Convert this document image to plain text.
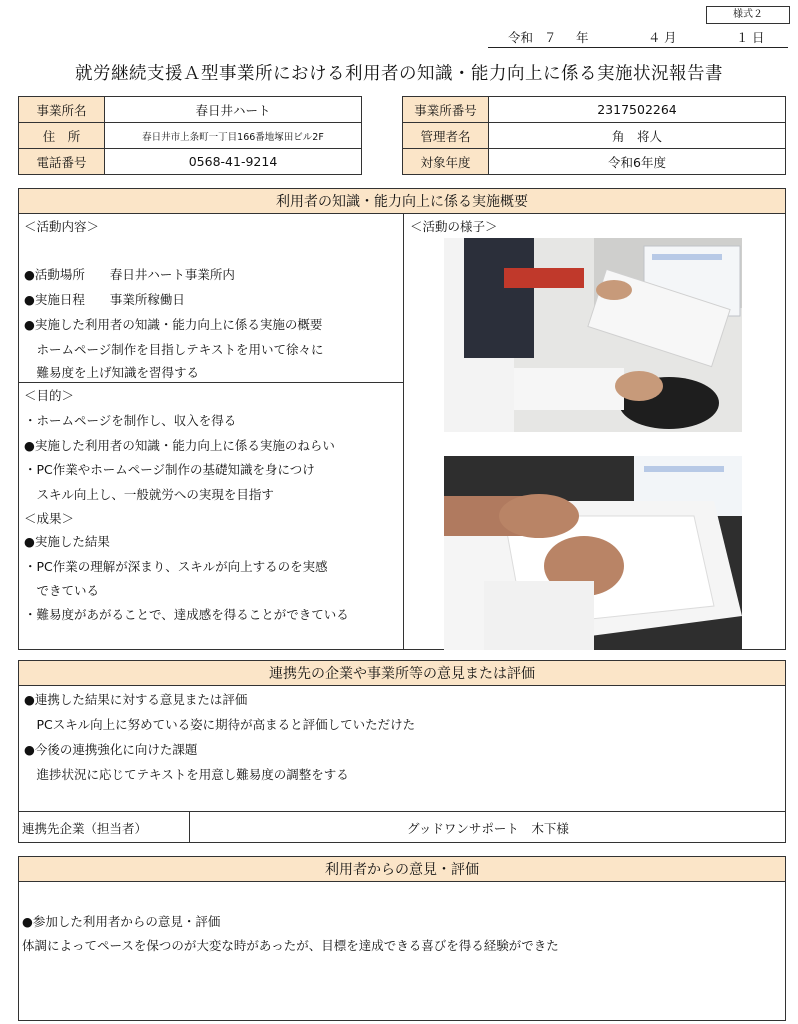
様式２
令和 ７ 年	４ 月	１ 日
就労継続支援Ａ型事業所における利用者の知識・能力向上に係る実施状況報告書
事業所名	春日井ハート
住　所	春日井市上条町一丁目166番地塚田ビル2F
電話番号	0568-41-9214
事業所番号	2317502264
管理者名	角　将人
対象年度	令和6年度
利用者の知識・能力向上に係る実施概要
＜活動内容＞	＜活動の様子＞
●活動場所　　春日井ハート事業所内
●実施日程　　事業所稼働日
●実施した利用者の知識・能力向上に係る実施の概要
　ホームページ制作を目指しテキストを用いて徐々に
　難易度を上げ知識を習得する
＜目的＞
・ホームページを制作し、収入を得る
●実施した利用者の知識・能力向上に係る実施のねらい
・PC作業やホームページ制作の基礎知識を身につけ
　スキル向上し、一般就労への実現を目指す
＜成果＞
●実施した結果
・PC作業の理解が深まり、スキルが向上するのを実感
　できている
・難易度があがることで、達成感を得ることができている
連携先の企業や事業所等の意見または評価
●連携した結果に対する意見または評価
　PCスキル向上に努めている姿に期待が高まると評価していただけた
●今後の連携強化に向けた課題
　進捗状況に応じてテキストを用意し難易度の調整をする
連携先企業（担当者）	グッドワンサポート　木下様
利用者からの意見・評価
●参加した利用者からの意見・評価
体調によってペースを保つのが大変な時があったが、目標を達成できる喜びを得る経験ができた
